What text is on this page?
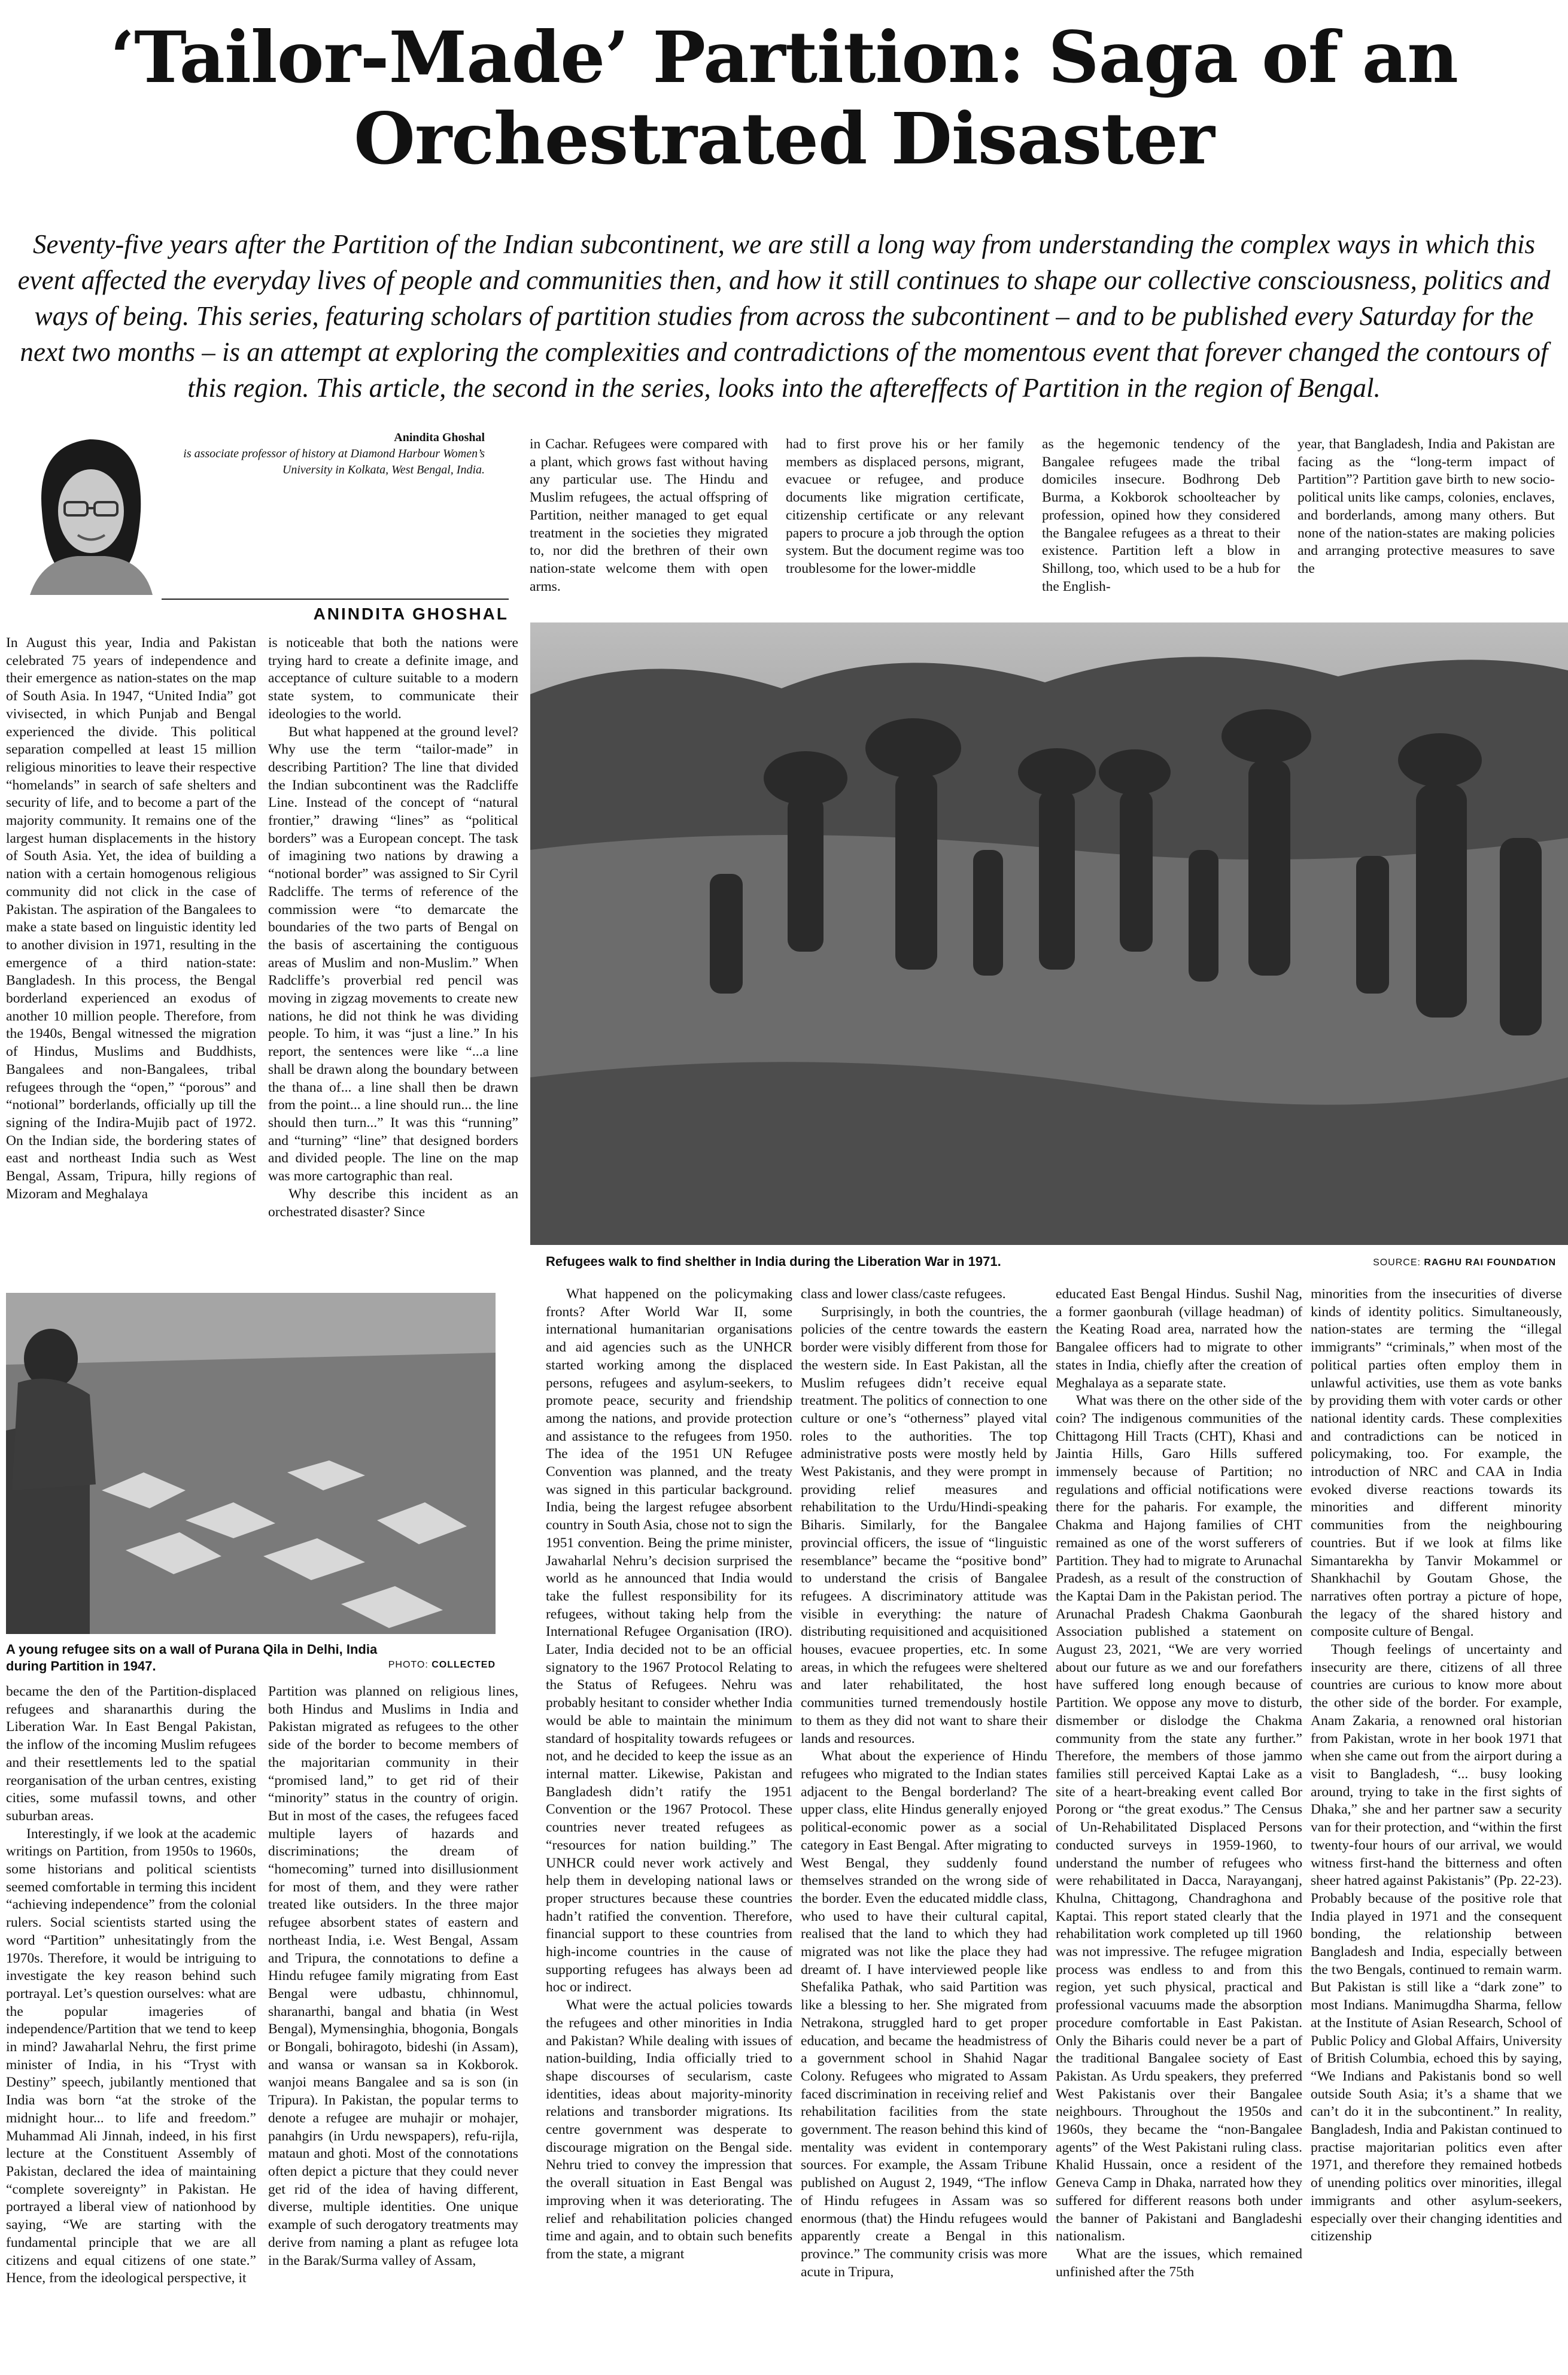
‘Tailor-Made’ Partition: Saga of an
Orchestrated Disaster

Seventy-five years after the Partition of the Indian subcontinent, we are still a long way from understanding the complex ways in which this event affected the everyday lives of people and communities then, and how it still continues to shape our collective consciousness, politics and ways of being. This series, featuring scholars of partition studies from across the subcontinent – and to be published every Saturday for the next two months – is an attempt at exploring the complexities and contradictions of the momentous event that forever changed the contours of this region. This article, the second in the series, looks into the aftereffects of Partition in the region of Bengal.

Anindita Ghoshal
is associate professor of history at Diamond Harbour Women’s University in Kolkata, West Bengal, India.
ANINDITA GHOSHAL

in Cachar. Refugees were compared with a plant, which grows fast without having any particular use. The Hindu and Muslim refugees, the actual offspring of Partition, neither managed to get equal treatment in the societies they migrated to, nor did the brethren of their own nation-state welcome them with open arms.

had to first prove his or her family members as displaced persons, migrant, evacuee or refugee, and produce documents like migration certificate, citizenship certificate or any relevant papers to procure a job through the option system. But the document regime was too troublesome for the lower-middle

as the hegemonic tendency of the Bangalee refugees made the tribal domiciles insecure. Bodhrong Deb Burma, a Kokborok schoolteacher by profession, opined how they considered the Bangalee refugees as a threat to their existence. Partition left a blow in Shillong, too, which used to be a hub for the English-

year, that Bangladesh, India and Pakistan are facing as the “long-term impact of Partition”? Partition gave birth to new socio-political units like camps, colonies, enclaves, and borderlands, among many others. But none of the nation-states are making policies and arranging protective measures to save the

In August this year, India and Pakistan celebrated 75 years of independence and their emergence as nation-states on the map of South Asia. In 1947, “United India” got vivisected, in which Punjab and Bengal experienced the divide. This political separation compelled at least 15 million religious minorities to leave their respective “homelands” in search of safe shelters and security of life, and to become a part of the majority community. It remains one of the largest human displacements in the history of South Asia. Yet, the idea of building a nation with a certain homogenous religious community did not click in the case of Pakistan. The aspiration of the Bangalees to make a state based on linguistic identity led to another division in 1971, resulting in the emergence of a third nation-state: Bangladesh. In this process, the Bengal borderland experienced an exodus of another 10 million people. Therefore, from the 1940s, Bengal witnessed the migration of Hindus, Muslims and Buddhists, Bangalees and non-Bangalees, tribal refugees through the “open,” “porous” and “notional” borderlands, officially up till the signing of the Indira-Mujib pact of 1972. On the Indian side, the bordering states of east and northeast India such as West Bengal, Assam, Tripura, hilly regions of Mizoram and Meghalaya

is noticeable that both the nations were trying hard to create a definite image, and acceptance of culture suitable to a modern state system, to communicate their ideologies to the world.

But what happened at the ground level? Why use the term “tailor-made” in describing Partition? The line that divided the Indian subcontinent was the Radcliffe Line. Instead of the concept of “natural frontier,” drawing “lines” as “political borders” was a European concept. The task of imagining two nations by drawing a “notional border” was assigned to Sir Cyril Radcliffe. The terms of reference of the commission were “to demarcate the boundaries of the two parts of Bengal on the basis of ascertaining the contiguous areas of Muslim and non-Muslim.” When Radcliffe’s proverbial red pencil was moving in zigzag movements to create new nations, he did not think he was dividing people. To him, it was “just a line.” In his report, the sentences were like “...a line shall be drawn along the boundary between the thana of... a line shall then be drawn from the point... a line should run... the line should then turn...” It was this “running” and “turning” “line” that designed borders and divided people. The line on the map was more cartographic than real.

Why describe this incident as an orchestrated disaster? Since

Refugees walk to find shelther in India during the Liberation War in 1971.	SOURCE: RAGHU RAI FOUNDATION
A young refugee sits on a wall of Purana Qila in Delhi, India during Partition in 1947.	PHOTO: COLLECTED

became the den of the Partition-displaced refugees and sharanarthis during the Liberation War. In East Bengal Pakistan, the inflow of the incoming Muslim refugees and their resettlements led to the spatial reorganisation of the urban centres, existing cities, some mufassil towns, and other suburban areas.

Interestingly, if we look at the academic writings on Partition, from 1950s to 1960s, some historians and political scientists seemed comfortable in terming this incident “achieving independence” from the colonial rulers. Social scientists started using the word “Partition” unhesitatingly from the 1970s. Therefore, it would be intriguing to investigate the key reason behind such portrayal. Let’s question ourselves: what are the popular imageries of independence/Partition that we tend to keep in mind? Jawaharlal Nehru, the first prime minister of India, in his “Tryst with Destiny” speech, jubilantly mentioned that India was born “at the stroke of the midnight hour... to life and freedom.” Muhammad Ali Jinnah, indeed, in his first lecture at the Constituent Assembly of Pakistan, declared the idea of maintaining “complete sovereignty” in Pakistan. He portrayed a liberal view of nationhood by saying, “We are starting with the fundamental principle that we are all citizens and equal citizens of one state.” Hence, from the ideological perspective, it

Partition was planned on religious lines, both Hindus and Muslims in India and Pakistan migrated as refugees to the other side of the border to become members of the majoritarian community in their “promised land,” to get rid of their “minority” status in the country of origin. But in most of the cases, the refugees faced multiple layers of hazards and discriminations; the dream of “homecoming” turned into disillusionment for most of them, and they were rather treated like outsiders. In the three major refugee absorbent states of eastern and northeast India, i.e. West Bengal, Assam and Tripura, the connotations to define a Hindu refugee family migrating from East Bengal were udbastu, chhinnomul, sharanarthi, bangal and bhatia (in West Bengal), Mymensinghia, bhogonia, Bongals or Bongali, bohiragoto, bideshi (in Assam), and wansa or wansan sa in Kokborok. wanjoi means Bangalee and sa is son (in Tripura). In Pakistan, the popular terms to denote a refugee are muhajir or mohajer, panahgirs (in Urdu newspapers), refu-rijla, mataun and ghoti. Most of the connotations often depict a picture that they could never get rid of the idea of having different, diverse, multiple identities. One unique example of such derogatory treatments may derive from naming a plant as refugee lota in the Barak/Surma valley of Assam,

What happened on the policymaking fronts? After World War II, some international humanitarian organisations and aid agencies such as the UNHCR started working among the displaced persons, refugees and asylum-seekers, to promote peace, security and friendship among the nations, and provide protection and assistance to the refugees from 1950. The idea of the 1951 UN Refugee Convention was planned, and the treaty was signed in this particular background. India, being the largest refugee absorbent country in South Asia, chose not to sign the 1951 convention. Being the prime minister, Jawaharlal Nehru’s decision surprised the world as he announced that India would take the fullest responsibility for its refugees, without taking help from the International Refugee Organisation (IRO). Later, India decided not to be an official signatory to the 1967 Protocol Relating to the Status of Refugees. Nehru was probably hesitant to consider whether India would be able to maintain the minimum standard of hospitality towards refugees or not, and he decided to keep the issue as an internal matter. Likewise, Pakistan and Bangladesh didn’t ratify the 1951 Convention or the 1967 Protocol. These countries never treated refugees as “resources for nation building.” The UNHCR could never work actively and help them in developing national laws or proper structures because these countries hadn’t ratified the convention. Therefore, financial support to these countries from high-income countries in the cause of supporting refugees has always been ad hoc or indirect.

What were the actual policies towards the refugees and other minorities in India and Pakistan? While dealing with issues of nation-building, India officially tried to shape discourses of secularism, caste identities, ideas about majority-minority relations and transborder migrations. Its centre government was desperate to discourage migration on the Bengal side. Nehru tried to convey the impression that the overall situation in East Bengal was improving when it was deteriorating. The relief and rehabilitation policies changed time and again, and to obtain such benefits from the state, a migrant

class and lower class/caste refugees.

Surprisingly, in both the countries, the policies of the centre towards the eastern border were visibly different from those for the western side. In East Pakistan, all the Muslim refugees didn’t receive equal treatment. The politics of connection to one culture or one’s “otherness” played vital roles to the authorities. The top administrative posts were mostly held by West Pakistanis, and they were prompt in providing relief measures and rehabilitation to the Urdu/Hindi-speaking Biharis. Similarly, for the Bangalee provincial officers, the issue of “linguistic resemblance” became the “positive bond” to understand the crisis of Bangalee refugees. A discriminatory attitude was visible in everything: the nature of distributing requisitioned and acquisitioned houses, evacuee properties, etc. In some areas, in which the refugees were sheltered and later rehabilitated, the host communities turned tremendously hostile to them as they did not want to share their lands and resources.

What about the experience of Hindu refugees who migrated to the Indian states adjacent to the Bengal borderland? The upper class, elite Hindus generally enjoyed political-economic power as a social category in East Bengal. After migrating to West Bengal, they suddenly found themselves stranded on the wrong side of the border. Even the educated middle class, who used to have their cultural capital, realised that the land to which they had migrated was not like the place they had dreamt of. I have interviewed people like Shefalika Pathak, who said Partition was like a blessing to her. She migrated from Netrakona, struggled hard to get proper education, and became the headmistress of a government school in Shahid Nagar Colony. Refugees who migrated to Assam faced discrimination in receiving relief and rehabilitation facilities from the state government. The reason behind this kind of mentality was evident in contemporary sources. For example, the Assam Tribune published on August 2, 1949, “The inflow of Hindu refugees in Assam was so enormous (that) the Hindu refugees would apparently create a Bengal in this province.” The community crisis was more acute in Tripura,

educated East Bengal Hindus. Sushil Nag, a former gaonburah (village headman) of the Keating Road area, narrated how the Bangalee officers had to migrate to other states in India, chiefly after the creation of Meghalaya as a separate state.

What was there on the other side of the coin? The indigenous communities of the Chittagong Hill Tracts (CHT), Khasi and Jaintia Hills, Garo Hills suffered immensely because of Partition; no regulations and official notifications were there for the paharis. For example, the Chakma and Hajong families of CHT remained as one of the worst sufferers of Partition. They had to migrate to Arunachal Pradesh, as a result of the construction of the Kaptai Dam in the Pakistan period. The Arunachal Pradesh Chakma Gaonburah Association published a statement on August 23, 2021, “We are very worried about our future as we and our forefathers have suffered long enough because of Partition. We oppose any move to disturb, dismember or dislodge the Chakma community from the state any further.” Therefore, the members of those jammo families still perceived Kaptai Lake as a site of a heart-breaking event called Bor Porong or “the great exodus.” The Census of Un-Rehabilitated Displaced Persons conducted surveys in 1959-1960, to understand the number of refugees who were rehabilitated in Dacca, Narayanganj, Khulna, Chittagong, Chandraghona and Kaptai. This report stated clearly that the rehabilitation work completed up till 1960 was not impressive. The refugee migration process was endless to and from this region, yet such physical, practical and professional vacuums made the absorption procedure comfortable in East Pakistan. Only the Biharis could never be a part of the traditional Bangalee society of East Pakistan. As Urdu speakers, they preferred West Pakistanis over their Bangalee neighbours. Throughout the 1950s and 1960s, they became the “non-Bangalee agents” of the West Pakistani ruling class. Khalid Hussain, once a resident of the Geneva Camp in Dhaka, narrated how they suffered for different reasons both under the banner of Pakistani and Bangladeshi nationalism.

What are the issues, which remained unfinished after the 75th

minorities from the insecurities of diverse kinds of identity politics. Simultaneously, nation-states are terming the “illegal immigrants” “criminals,” when most of the political parties often employ them in unlawful activities, use them as vote banks by providing them with voter cards or other national identity cards. These complexities and contradictions can be noticed in policymaking, too. For example, the introduction of NRC and CAA in India evoked diverse reactions towards its minorities and different minority communities from the neighbouring countries. But if we look at films like Simantarekha by Tanvir Mokammel or Shankhachil by Goutam Ghose, the narratives often portray a picture of hope, the legacy of the shared history and composite culture of Bengal.

Though feelings of uncertainty and insecurity are there, citizens of all three countries are curious to know more about the other side of the border. For example, Anam Zakaria, a renowned oral historian from Pakistan, wrote in her book 1971 that when she came out from the airport during a visit to Bangladesh, “... busy looking around, trying to take in the first sights of Dhaka,” she and her partner saw a security van for their protection, and “within the first twenty-four hours of our arrival, we would witness first-hand the bitterness and often sheer hatred against Pakistanis” (Pp. 22-23). Probably because of the positive role that India played in 1971 and the consequent bonding, the relationship between Bangladesh and India, especially between the two Bengals, continued to remain warm. But Pakistan is still like a “dark zone” to most Indians. Manimugdha Sharma, fellow at the Institute of Asian Research, School of Public Policy and Global Affairs, University of British Columbia, echoed this by saying, “We Indians and Pakistanis bond so well outside South Asia; it’s a shame that we can’t do it in the subcontinent.” In reality, Bangladesh, India and Pakistan continued to practise majoritarian politics even after 1971, and therefore they remained hotbeds of unending politics over minorities, illegal immigrants and other asylum-seekers, especially over their changing identities and citizenship
